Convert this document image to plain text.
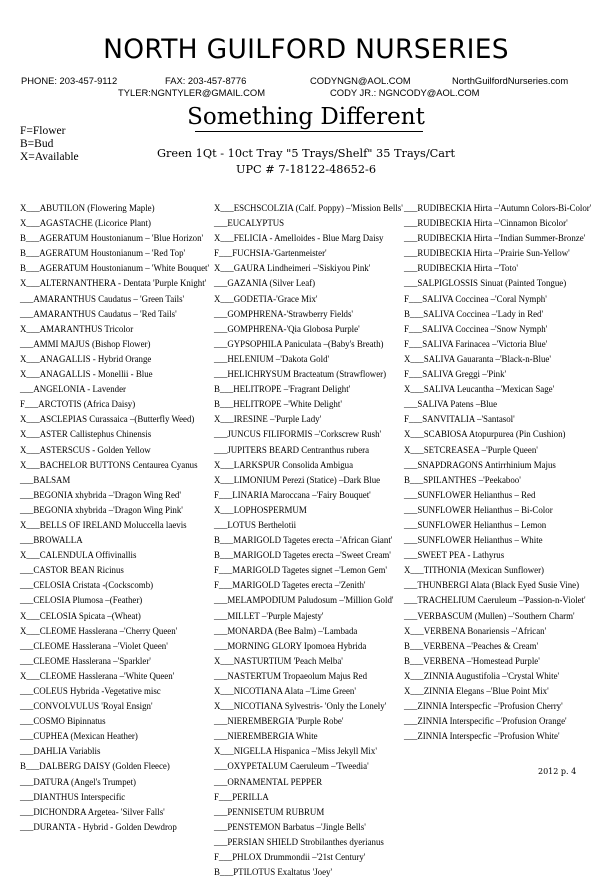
NORTH GUILFORD NURSERIES
PHONE: 203-457-9112	FAX: 203-457-8776	CODYNGN@AOL.COM	NorthGuilfordNurseries.com
TYLER:NGNTYLER@GMAIL.COM	CODY JR.: NGNCODY@AOL.COM
Something Different
F=Flower
B=Bud
X=Available	Green 1Qt - 10ct Tray "5 Trays/Shelf" 35 Trays/Cart
UPC # 7-18122-48652-6
X___ABUTILON (Flowering Maple)
X___AGASTACHE (Licorice Plant)
B___AGERATUM Houstonianum – 'Blue Horizon'
B___AGERATUM Houstonianum – 'Red Top'
B___AGERATUM Houstonianum – 'White Bouquet'
X___ALTERNANTHERA - Dentata 'Purple Knight'
___AMARANTHUS Caudatus – 'Green Tails'
___AMARANTHUS Caudatus – 'Red Tails'
X___AMARANTHUS Tricolor
___AMMI MAJUS (Bishop Flower)
X___ANAGALLIS - Hybrid Orange
X___ANAGALLIS - Monellii - Blue
___ANGELONIA - Lavender
F___ARCTOTIS (Africa Daisy)
X___ASCLEPIAS Curassaica –(Butterfly Weed)
X___ASTER Callistephus Chinensis
X___ASTERSCUS - Golden Yellow
X___BACHELOR BUTTONS Centaurea Cyanus
___BALSAM
___BEGONIA xhybrida –'Dragon Wing Red'
___BEGONIA xhybrida –'Dragon Wing Pink'
X___BELLS OF IRELAND Moluccella laevis
___BROWALLA
X___CALENDULA Offivinallis
___CASTOR BEAN Ricinus
___CELOSIA Cristata -(Cockscomb)
___CELOSIA Plumosa –(Feather)
X___CELOSIA Spicata –(Wheat)
X___CLEOME Hasslerana –'Cherry Queen'
___CLEOME Hasslerana –'Violet Queen'
___CLEOME Hasslerana –'Sparkler'
X___CLEOME Hasslerana –'White Queen'
___COLEUS Hybrida -Vegetative misc
___CONVOLVULUS 'Royal Ensign'
___COSMO Bipinnatus
___CUPHEA (Mexican Heather)
___DAHLIA Variablis
B___DALBERG DAISY (Golden Fleece)
___DATURA (Angel's Trumpet)
___DIANTHUS Interspecific
___DICHONDRA Argetea- 'Silver Falls'
___DURANTA - Hybrid - Golden Dewdrop
X___ESCHSCOLZIA (Calf. Poppy) –'Mission Bells'
___EUCALYPTUS
X___FELICIA - Amelloides - Blue Marg Daisy
F___FUCHSIA-'Gartenmeister'
X___GAURA Lindheimeri –'Siskiyou Pink'
___GAZANIA (Silver Leaf)
X___GODETIA-'Grace Mix'
___GOMPHRENA-'Strawberry Fields'
___GOMPHRENA-'Qia Globosa Purple'
___GYPSOPHILA Paniculata –(Baby's Breath)
___HELENIUM –'Dakota Gold'
___HELICHRYSUM Bracteatum (Strawflower)
B___HELITROPE –'Fragrant Delight'
B___HELITROPE –'White Delight'
X___IRESINE –'Purple Lady'
___JUNCUS FILIFORMIS –'Corkscrew Rush'
___JUPITERS BEARD Centranthus rubera
X___LARKSPUR Consolida Ambigua
X___LIMONIUM Perezi (Statice) –Dark Blue
F___LINARIA Maroccana –'Fairy Bouquet'
X___LOPHOSPERMUM
___LOTUS Berthelotii
B___MARIGOLD Tagetes erecta –'African Giant'
B___MARIGOLD Tagetes erecta –'Sweet Cream'
F___MARIGOLD Tagetes signet –'Lemon Gem'
F___MARIGOLD Tagetes erecta –'Zenith'
___MELAMPODIUM Paludosum –'Million Gold'
___MILLET –'Purple Majesty'
___MONARDA (Bee Balm) –'Lambada
___MORNING GLORY Ipomoea Hybrida
X___NASTURTIUM 'Peach Melba'
___NASTERTUM Tropaeolum Majus Red
X___NICOTIANA Alata –'Lime Green'
X___NICOTIANA Sylvestris- 'Only the Lonely'
___NIEREMBERGIA 'Purple Robe'
___NIEREMBERGIA White
X___NIGELLA Hispanica –'Miss Jekyll Mix'
___OXYPETALUM Caeruleum –'Tweedia'
___ORNAMENTAL PEPPER
F___PERILLA
___PENNISETUM RUBRUM
___PENSTEMON Barbatus –'Jingle Bells'
___PERSIAN SHIELD Strobilanthes dyerianus
F___PHLOX Drummondii –'21st Century'
B___PTILOTUS Exaltatus 'Joey'
___RUDIBECKIA Hirta –'Autumn Colors-Bi-Color'
___RUDIBECKIA Hirta –'Cinnamon Bicolor'
___RUDIBECKIA Hirta –'Indian Summer-Bronze'
___RUDIBECKIA Hirta –'Prairie Sun-Yellow'
___RUDIBECKIA Hirta –'Toto'
___SALPIGLOSSIS Sinuat (Painted Tongue)
F___SALIVA Coccinea –'Coral Nymph'
B___SALIVA Coccinea –'Lady in Red'
F___SALIVA Coccinea –'Snow Nymph'
F___SALIVA Farinacea –'Victoria Blue'
X___SALIVA Gauaranta –'Black-n-Blue'
F___SALIVA Greggi –'Pink'
X___SALIVA Leucantha –'Mexican Sage'
___SALIVA Patens –Blue
F___SANVITALIA –'Santasol'
X___SCABIOSA Atopurpurea (Pin Cushion)
X___SETCREASEA –'Purple Queen'
___SNAPDRAGONS Antirrhinium Majus
B___SPILANTHES –'Peekaboo'
___SUNFLOWER Helianthus – Red
___SUNFLOWER Helianthus – Bi-Color
___SUNFLOWER Helianthus – Lemon
___SUNFLOWER Helianthus – White
___SWEET PEA - Lathyrus
X___TITHONIA (Mexican Sunflower)
___THUNBERGI Alata (Black Eyed Susie Vine)
___TRACHELIUM Caeruleum –'Passion-n-Violet'
___VERBASCUM (Mullen) –'Southern Charm'
X___VERBENA Bonariensis –'African'
B___VERBENA –'Peaches & Cream'
B___VERBENA –'Homestead Purple'
X___ZINNIA Augustifolia –'Crystal White'
X___ZINNIA Elegans –'Blue Point Mix'
___ZINNIA Interspecfic –'Profusion Cherry'
___ZINNIA Interspecific –'Profusion Orange'
___ZINNIA Interspecfic –'Profusion White'
2012 p. 4
